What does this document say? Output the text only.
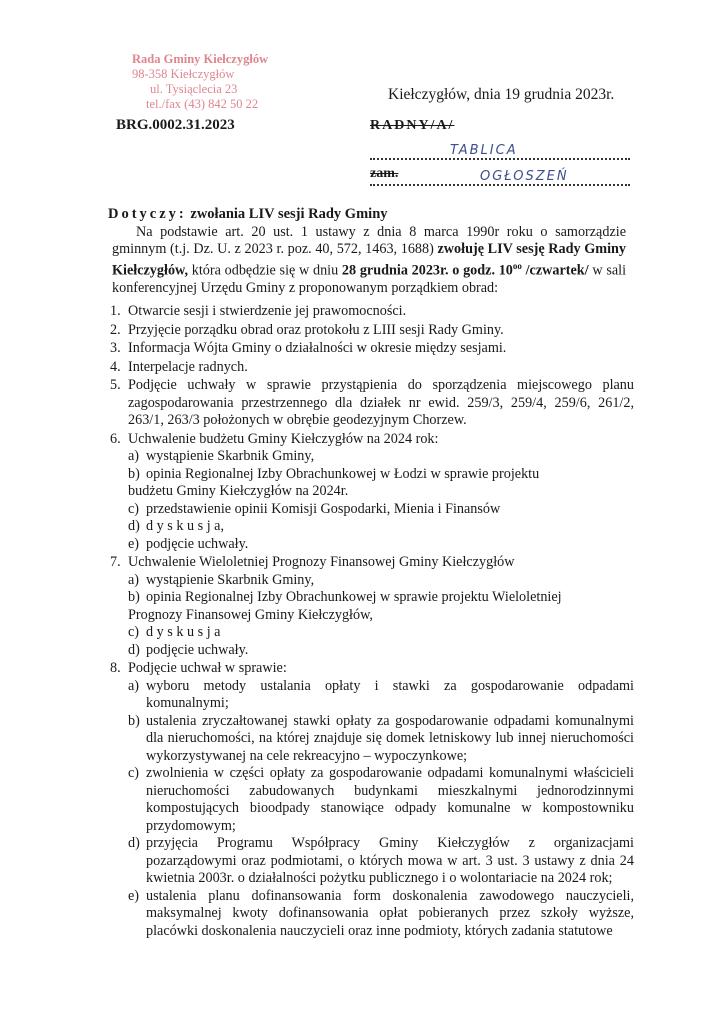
Rada Gminy Kiełczygłów
98-358 Kiełczygłów
ul. Tysiąclecia 23
tel./fax (43) 842 50 22
Kiełczygłów, dnia 19 grudnia 2023r.
BRG.0002.31.2023	RADNY/A/
TABLICA
zam.	OGŁOSZEŃ
Dotyczy: zwołania LIV sesji Rady Gminy
Na podstawie art. 20 ust. 1 ustawy z dnia 8 marca 1990r roku o samorządzie gminnym (t.j. Dz. U. z 2023 r. poz. 40, 572, 1463, 1688) zwołuję LIV sesję Rady Gminy Kiełczygłów, która odbędzie się w dniu 28 grudnia 2023r. o godz. $10^{oo}$ /czwartek/ w sali konferencyjnej Urzędu Gminy z proponowanym porządkiem obrad:
1. Otwarcie sesji i stwierdzenie jej prawomocności.
2. Przyjęcie porządku obrad oraz protokołu z LIII sesji Rady Gminy.
3. Informacja Wójta Gminy o działalności w okresie między sesjami.
4. Interpelacje radnych.
5. Podjęcie uchwały w sprawie przystąpienia do sporządzenia miejscowego planu zagospodarowania przestrzennego dla działek nr ewid. 259/3, 259/4, 259/6, 261/2, 263/1, 263/3 położonych w obrębie geodezyjnym Chorzew.
6. Uchwalenie budżetu Gminy Kiełczygłów na 2024 rok:
a) wystąpienie Skarbnik Gminy,
b) opinia Regionalnej Izby Obrachunkowej w Łodzi w sprawie projektu
budżetu Gminy Kiełczygłów na 2024r.
c) przedstawienie opinii Komisji Gospodarki, Mienia i Finansów
d) d y s k u s j a,
e) podjęcie uchwały.
7. Uchwalenie Wieloletniej Prognozy Finansowej Gminy Kiełczygłów
a) wystąpienie Skarbnik Gminy,
b) opinia Regionalnej Izby Obrachunkowej w sprawie projektu Wieloletniej
Prognozy Finansowej Gminy Kiełczygłów,
c) d y s k u s j a
d) podjęcie uchwały.
8. Podjęcie uchwał w sprawie:
a) wyboru metody ustalania opłaty i stawki za gospodarowanie odpadami komunalnymi;
b) ustalenia zryczałtowanej stawki opłaty za gospodarowanie odpadami komunalnymi dla nieruchomości, na której znajduje się domek letniskowy lub innej nieruchomości wykorzystywanej na cele rekreacyjno – wypoczynkowe;
c) zwolnienia w części opłaty za gospodarowanie odpadami komunalnymi właścicieli nieruchomości zabudowanych budynkami mieszkalnymi jednorodzinnymi kompostujących bioodpady stanowiące odpady komunalne w kompostowniku przydomowym;
d) przyjęcia Programu Współpracy Gminy Kiełczygłów z organizacjami pozarządowymi oraz podmiotami, o których mowa w art. 3 ust. 3 ustawy z dnia 24 kwietnia 2003r. o działalności pożytku publicznego i o wolontariacie na 2024 rok;
e) ustalenia planu dofinansowania form doskonalenia zawodowego nauczycieli, maksymalnej kwoty dofinansowania opłat pobieranych przez szkoły wyższe, placówki doskonalenia nauczycieli oraz inne podmioty, których zadania statutowe
